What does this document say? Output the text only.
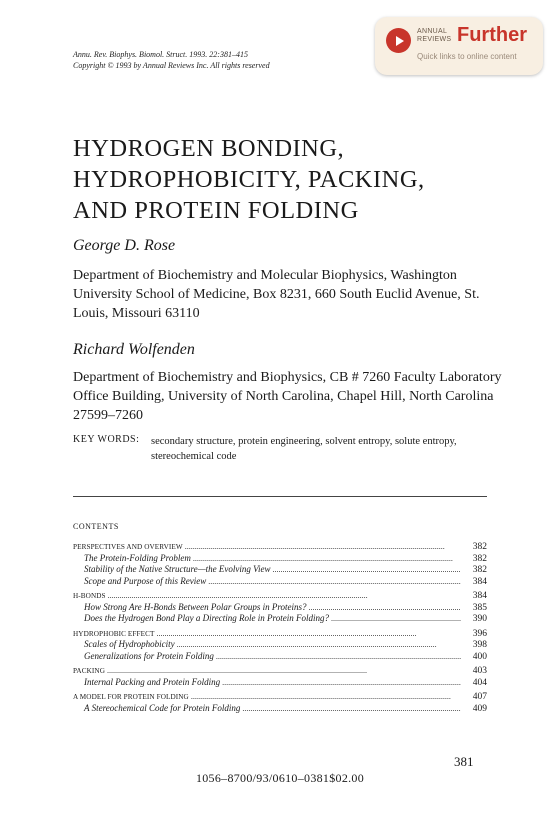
Annu. Rev. Biophys. Biomol. Struct. 1993. 22:381–415
Copyright © 1993 by Annual Reviews Inc. All rights reserved
ANNUAL
REVIEWS Further
Quick links to online content
HYDROGEN BONDING,
HYDROPHOBICITY, PACKING,
AND PROTEIN FOLDING
George D. Rose
Department of Biochemistry and Molecular Biophysics, Washington University School of Medicine, Box 8231, 660 South Euclid Avenue, St. Louis, Missouri 63110
Richard Wolfenden
Department of Biochemistry and Biophysics, CB # 7260 Faculty Laboratory Office Building, University of North Carolina, Chapel Hill, North Carolina 27599–7260
KEY WORDS: secondary structure, protein engineering, solvent entropy, solute entropy, stereochemical code
CONTENTS
PERSPECTIVES AND OVERVIEW . . .	382
The Protein-Folding Problem . . .	382
Stability of the Native Structure—the Evolving View . . .	382
Scope and Purpose of this Review . . .	384
H-BONDS . . .	384
How Strong Are H-Bonds Between Polar Groups in Proteins? . . .	385
Does the Hydrogen Bond Play a Directing Role in Protein Folding? . . .	390
HYDROPHOBIC EFFECT . . .	396
Scales of Hydrophobicity . . .	398
Generalizations for Protein Folding . . .	400
PACKING . . .	403
Internal Packing and Protein Folding . . .	404
A MODEL FOR PROTEIN FOLDING . . .	407
A Stereochemical Code for Protein Folding . . .	409
381
1056–8700/93/0610–0381$02.00
